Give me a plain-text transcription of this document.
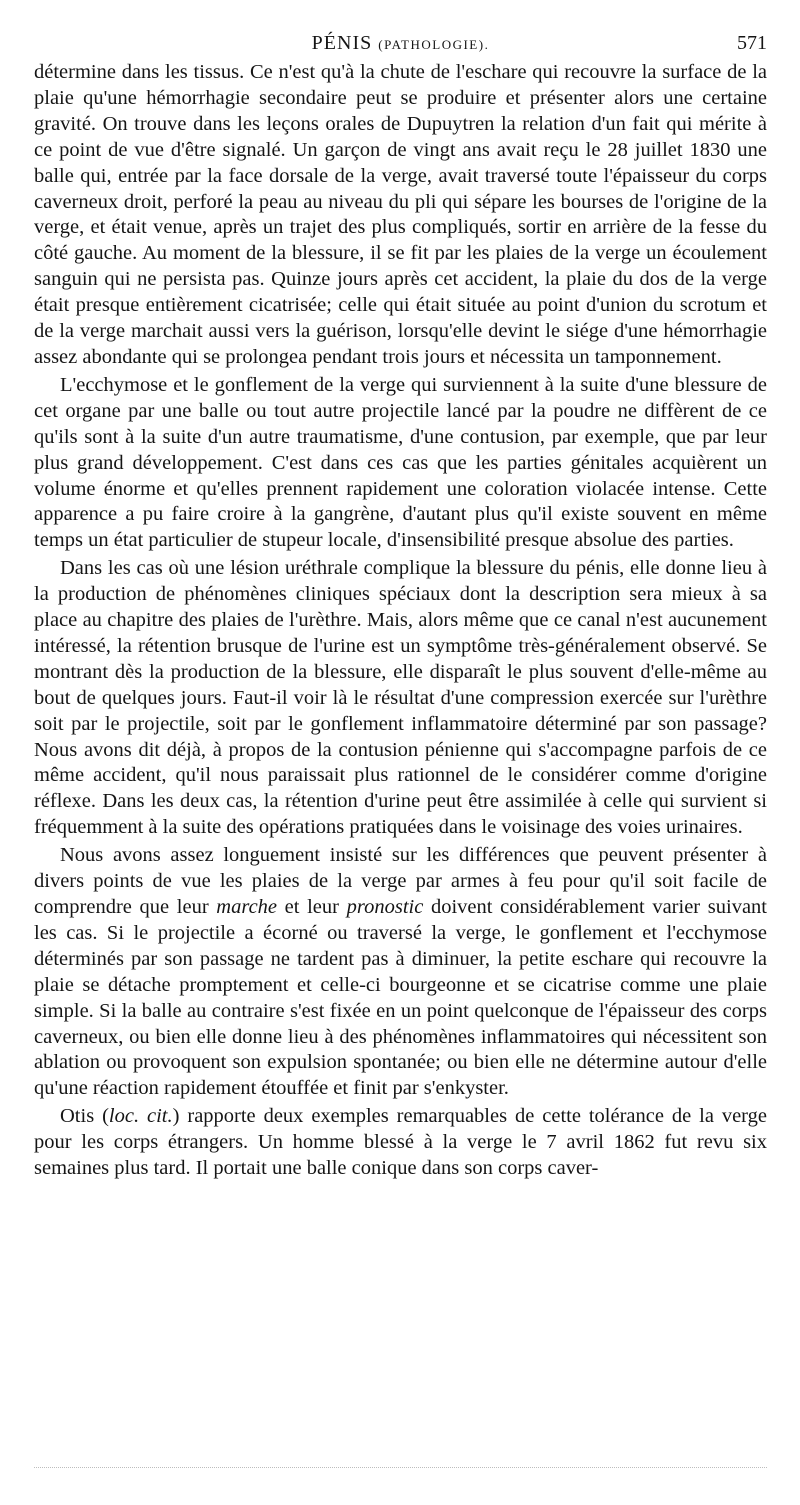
PÉNIS (PATHOLOGIE).	571

détermine dans les tissus. Ce n'est qu'à la chute de l'eschare qui recouvre la surface de la plaie qu'une hémorrhagie secondaire peut se produire et présenter alors une certaine gravité. On trouve dans les leçons orales de Dupuytren la relation d'un fait qui mérite à ce point de vue d'être signalé. Un garçon de vingt ans avait reçu le 28 juillet 1830 une balle qui, entrée par la face dorsale de la verge, avait traversé toute l'épaisseur du corps caverneux droit, perforé la peau au niveau du pli qui sépare les bourses de l'origine de la verge, et était venue, après un trajet des plus compliqués, sortir en arrière de la fesse du côté gauche. Au moment de la blessure, il se fit par les plaies de la verge un écoulement sanguin qui ne persista pas. Quinze jours après cet accident, la plaie du dos de la verge était presque entièrement cicatrisée; celle qui était située au point d'union du scrotum et de la verge marchait aussi vers la guérison, lorsqu'elle devint le siége d'une hémorrhagie assez abondante qui se prolongea pendant trois jours et nécessita un tamponnement.

L'ecchymose et le gonflement de la verge qui surviennent à la suite d'une blessure de cet organe par une balle ou tout autre projectile lancé par la poudre ne diffèrent de ce qu'ils sont à la suite d'un autre traumatisme, d'une contusion, par exemple, que par leur plus grand développement. C'est dans ces cas que les parties génitales acquièrent un volume énorme et qu'elles prennent rapidement une coloration violacée intense. Cette apparence a pu faire croire à la gangrène, d'autant plus qu'il existe souvent en même temps un état particulier de stupeur locale, d'insensibilité presque absolue des parties.

Dans les cas où une lésion uréthrale complique la blessure du pénis, elle donne lieu à la production de phénomènes cliniques spéciaux dont la description sera mieux à sa place au chapitre des plaies de l'urèthre. Mais, alors même que ce canal n'est aucunement intéressé, la rétention brusque de l'urine est un symptôme très-généralement observé. Se montrant dès la production de la blessure, elle disparaît le plus souvent d'elle-même au bout de quelques jours. Faut-il voir là le résultat d'une compression exercée sur l'urèthre soit par le projectile, soit par le gonflement inflammatoire déterminé par son passage? Nous avons dit déjà, à propos de la contusion pénienne qui s'accompagne parfois de ce même accident, qu'il nous paraissait plus rationnel de le considérer comme d'origine réflexe. Dans les deux cas, la rétention d'urine peut être assimilée à celle qui survient si fréquemment à la suite des opérations pratiquées dans le voisinage des voies urinaires.

Nous avons assez longuement insisté sur les différences que peuvent présenter à divers points de vue les plaies de la verge par armes à feu pour qu'il soit facile de comprendre que leur marche et leur pronostic doivent considérablement varier suivant les cas. Si le projectile a écorné ou traversé la verge, le gonflement et l'ecchymose déterminés par son passage ne tardent pas à diminuer, la petite eschare qui recouvre la plaie se détache promptement et celle-ci bourgeonne et se cicatrise comme une plaie simple. Si la balle au contraire s'est fixée en un point quelconque de l'épaisseur des corps caverneux, ou bien elle donne lieu à des phénomènes inflammatoires qui nécessitent son ablation ou provoquent son expulsion spontanée; ou bien elle ne détermine autour d'elle qu'une réaction rapidement étouffée et finit par s'enkyster.

Otis (loc. cit.) rapporte deux exemples remarquables de cette tolérance de la verge pour les corps étrangers. Un homme blessé à la verge le 7 avril 1862 fut revu six semaines plus tard. Il portait une balle conique dans son corps caver-
